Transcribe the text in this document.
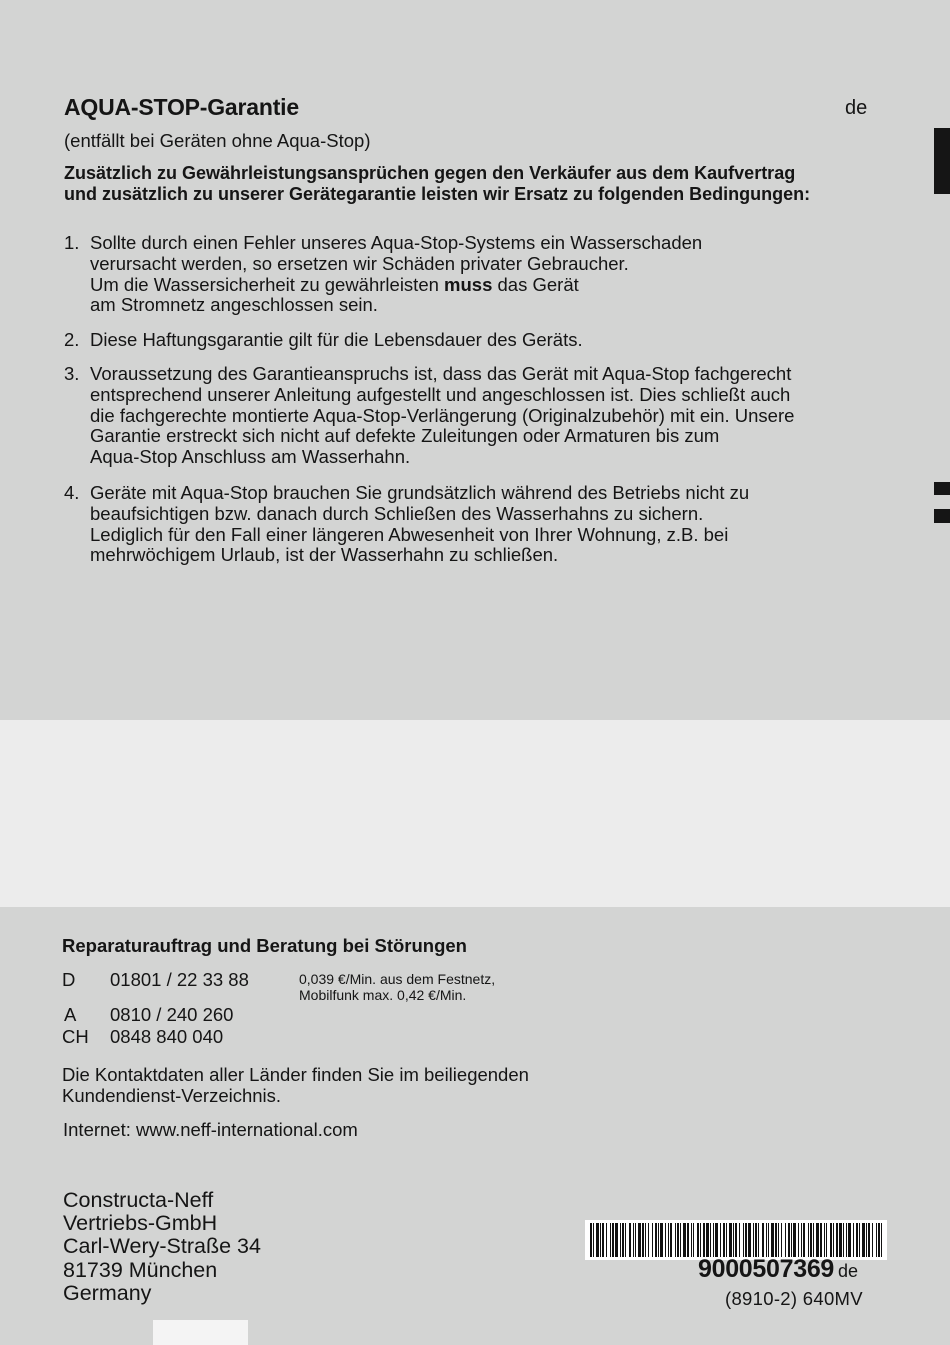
AQUA-STOP-Garantie	de
(entfällt bei Geräten ohne Aqua-Stop)
Zusätzlich zu Gewährleistungsansprüchen gegen den Verkäufer aus dem Kaufvertrag
und zusätzlich zu unserer Gerätegarantie leisten wir Ersatz zu folgenden Bedingungen:
1. Sollte durch einen Fehler unseres Aqua-Stop-Systems ein Wasserschaden
verursacht werden, so ersetzen wir Schäden privater Gebraucher.
Um die Wassersicherheit zu gewährleisten muss das Gerät
am Stromnetz angeschlossen sein.
2. Diese Haftungsgarantie gilt für die Lebensdauer des Geräts.
3. Voraussetzung des Garantieanspruchs ist, dass das Gerät mit Aqua-Stop fachgerecht
entsprechend unserer Anleitung aufgestellt und angeschlossen ist. Dies schließt auch
die fachgerechte montierte Aqua-Stop-Verlängerung (Originalzubehör) mit ein. Unsere
Garantie erstreckt sich nicht auf defekte Zuleitungen oder Armaturen bis zum
Aqua-Stop Anschluss am Wasserhahn.
4. Geräte mit Aqua-Stop brauchen Sie grundsätzlich während des Betriebs nicht zu
beaufsichtigen bzw. danach durch Schließen des Wasserhahns zu sichern.
Lediglich für den Fall einer längeren Abwesenheit von Ihrer Wohnung, z.B. bei
mehrwöchigem Urlaub, ist der Wasserhahn zu schließen.
Reparaturauftrag und Beratung bei Störungen
D 01801 / 22 33 88	0,039 €/Min. aus dem Festnetz,
Mobilfunk max. 0,42 €/Min.
A 0810 / 240 260
CH 0848 840 040
Die Kontaktdaten aller Länder finden Sie im beiliegenden
Kundendienst-Verzeichnis.
Internet: www.neff-international.com
Constructa-Neff
Vertriebs-GmbH
Carl-Wery-Straße 34
81739 München
Germany
9000507369 de
(8910-2) 640MV
